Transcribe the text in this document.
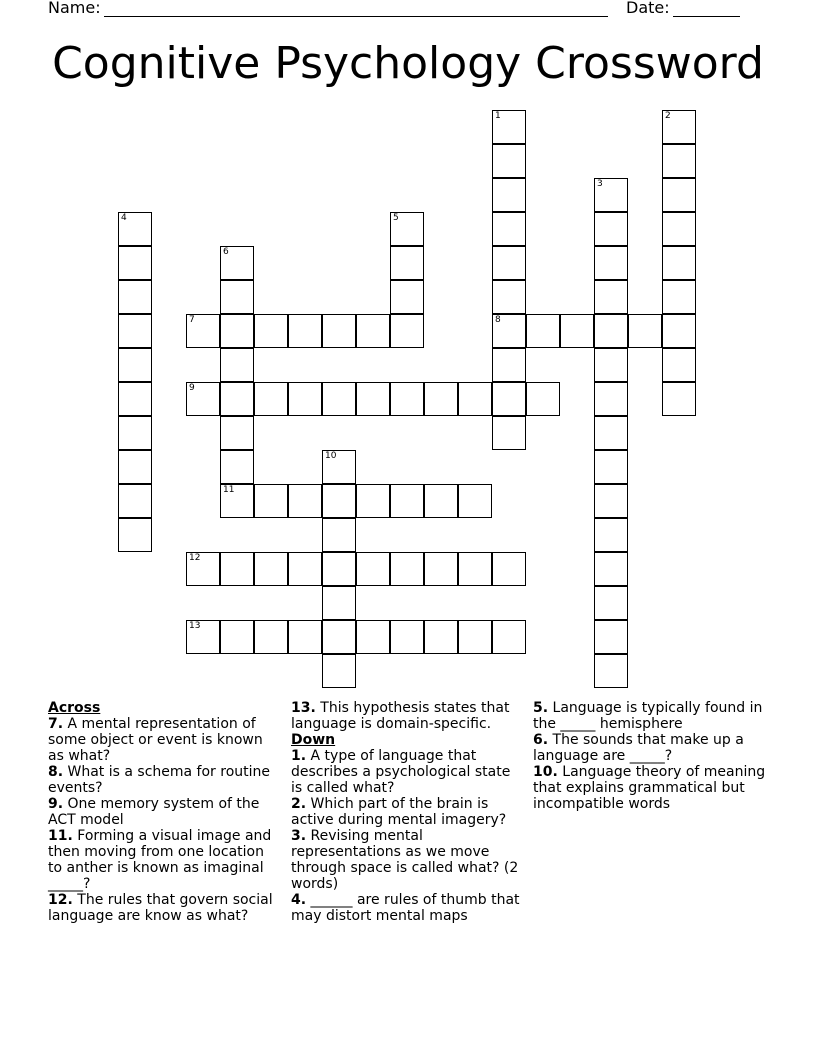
Name:	Date:
Cognitive Psychology Crossword
1
8
2
3
4	5
6
11
7
9
10
12
13
Across
7. A mental representation of some object or event is known as what?
8. What is a schema for routine events?
9. One memory system of the ACT model
11. Forming a visual image and then moving from one location to anther is known as imaginal _____?
12. The rules that govern social language are know as what?
13. This hypothesis states that language is domain-specific.
Down
1. A type of language that describes a psychological state is called what?
2. Which part of the brain is active during mental imagery?
3. Revising mental representations as we move through space is called what? (2 words)
4. ______ are rules of thumb that may distort mental maps
5. Language is typically found in the _____ hemisphere
6. The sounds that make up a language are _____?
10. Language theory of meaning that explains grammatical but incompatible words
